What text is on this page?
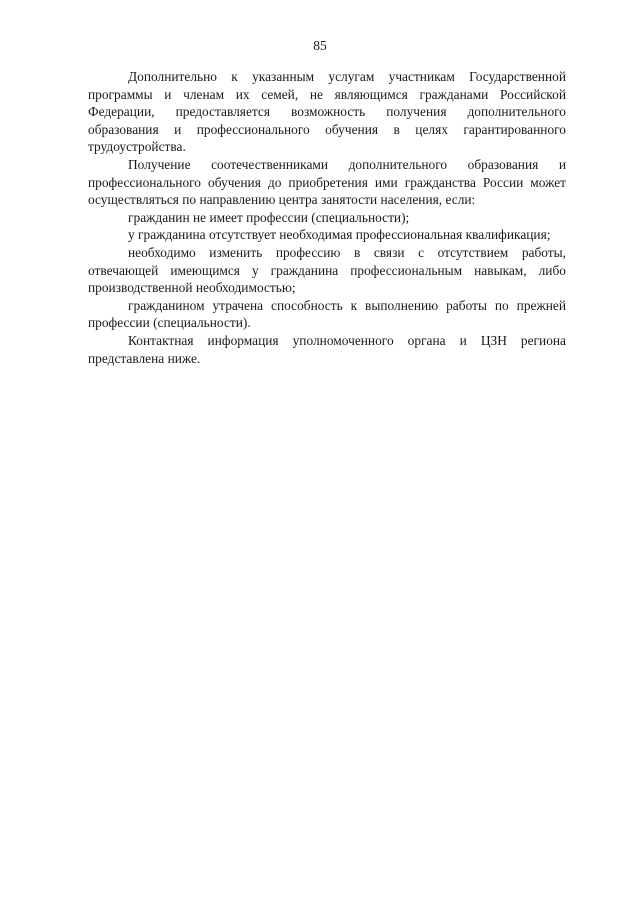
85

Дополнительно к указанным услугам участникам Государственной программы и членам их семей, не являющимся гражданами Российской Федерации, предоставляется возможность получения дополнительного образования и профессионального обучения в целях гарантированного трудоустройства.

Получение соотечественниками дополнительного образования и профессионального обучения до приобретения ими гражданства России может осуществляться по направлению центра занятости населения, если:

гражданин не имеет профессии (специальности);

у гражданина отсутствует необходимая профессиональная квалификация;

необходимо изменить профессию в связи с отсутствием работы, отвечающей имеющимся у гражданина профессиональным навыкам, либо производственной необходимостью;

гражданином утрачена способность к выполнению работы по прежней профессии (специальности).

Контактная информация уполномоченного органа и ЦЗН региона представлена ниже.
